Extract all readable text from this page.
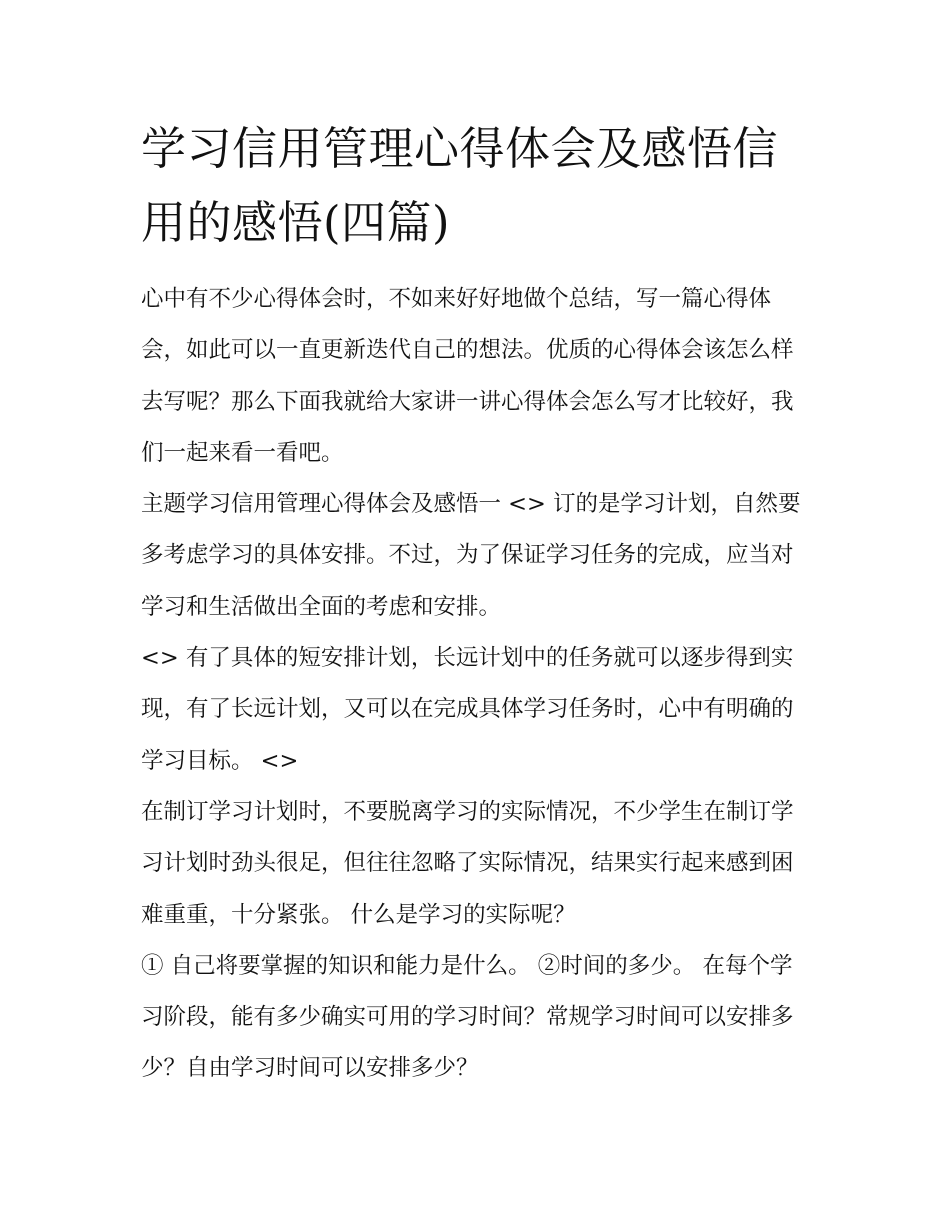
学习信用管理心得体会及感悟信用的感悟(四篇)

心中有不少心得体会时，不如来好好地做个总结，写一篇心得体会，如此可以一直更新迭代自己的想法。优质的心得体会该怎么样去写呢？那么下面我就给大家讲一讲心得体会怎么写才比较好，我们一起来看一看吧。

主题学习信用管理心得体会及感悟一 <> 订的是学习计划，自然要多考虑学习的具体安排。不过，为了保证学习任务的完成，应当对学习和生活做出全面的考虑和安排。

<> 有了具体的短安排计划，长远计划中的任务就可以逐步得到实现，有了长远计划，又可以在完成具体学习任务时，心中有明确的学习目标。 <>

在制订学习计划时，不要脱离学习的实际情况，不少学生在制订学习计划时劲头很足，但往往忽略了实际情况，结果实行起来感到困难重重，十分紧张。 什么是学习的实际呢？

① 自己将要掌握的知识和能力是什么。 ②时间的多少。 在每个学习阶段，能有多少确实可用的学习时间？常规学习时间可以安排多少？自由学习时间可以安排多少？
